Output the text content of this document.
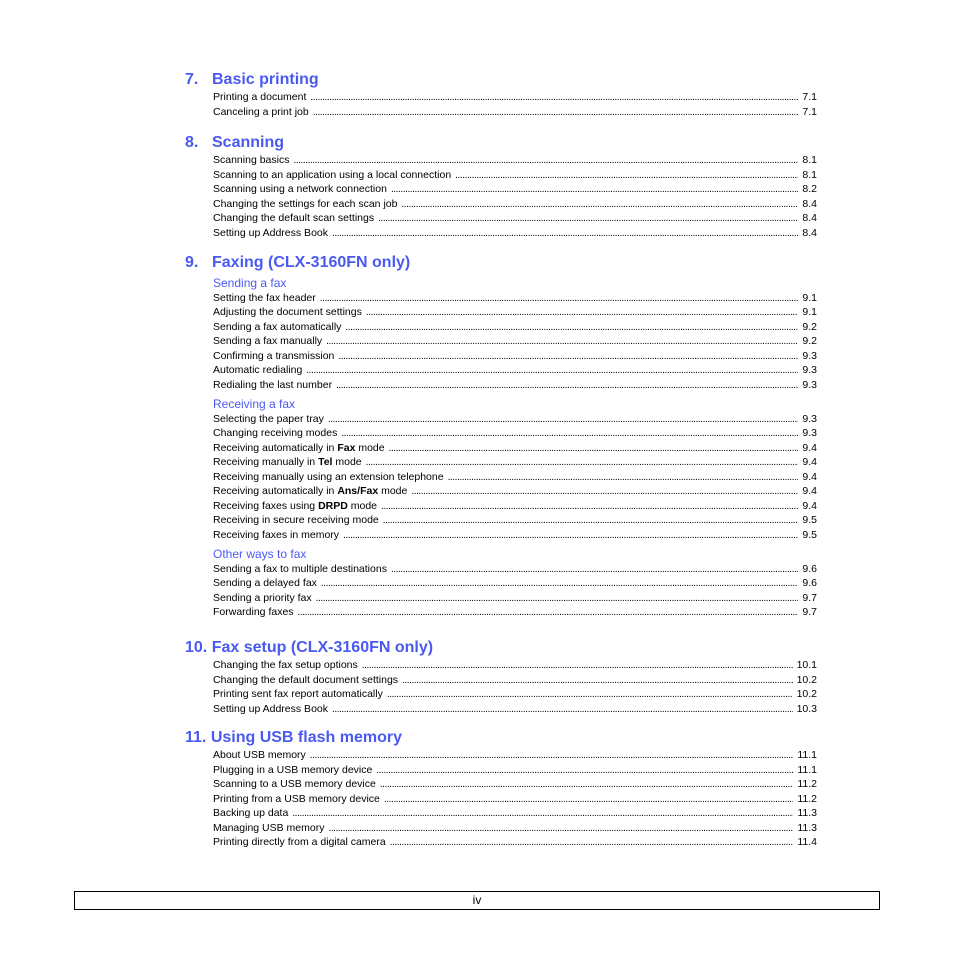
7. Basic printing
Printing a document . . .	7.1
Canceling a print job . . .	7.1
8. Scanning
Scanning basics . . .	8.1
Scanning to an application using a local connection . . .	8.1
Scanning using a network connection . . .	8.2
Changing the settings for each scan job . . .	8.4
Changing the default scan settings . . .	8.4
Setting up Address Book . . .	8.4
9. Faxing (CLX-3160FN only)
Sending a fax
Setting the fax header . . .	9.1
Adjusting the document settings . . .	9.1
Sending a fax automatically . . .	9.2
Sending a fax manually . . .	9.2
Confirming a transmission . . .	9.3
Automatic redialing . . .	9.3
Redialing the last number . . .	9.3
Receiving a fax
Selecting the paper tray . . .	9.3
Changing receiving modes . . .	9.3
Receiving automatically in Fax mode . . .	9.4
Receiving manually in Tel mode . . .	9.4
Receiving manually using an extension telephone . . .	9.4
Receiving automatically in Ans/Fax mode . . .	9.4
Receiving faxes using DRPD mode . . .	9.4
Receiving in secure receiving mode . . .	9.5
Receiving faxes in memory . . .	9.5
Other ways to fax
Sending a fax to multiple destinations . . .	9.6
Sending a delayed fax . . .	9.6
Sending a priority fax . . .	9.7
Forwarding faxes . . .	9.7
10. Fax setup (CLX-3160FN only)
Changing the fax setup options . . .	10.1
Changing the default document settings . . .	10.2
Printing sent fax report automatically . . .	10.2
Setting up Address Book . . .	10.3
11. Using USB flash memory
About USB memory . . .	11.1
Plugging in a USB memory device . . .	11.1
Scanning to a USB memory device . . .	11.2
Printing from a USB memory device . . .	11.2
Backing up data . . .	11.3
Managing USB memory . . .	11.3
Printing directly from a digital camera . . .	11.4
iv
